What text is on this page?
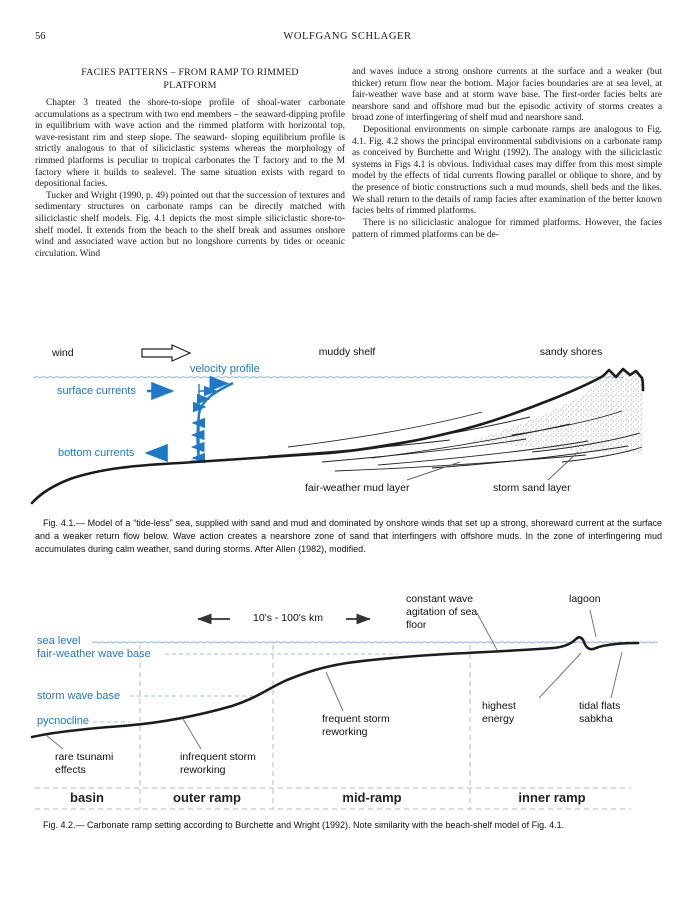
56	WOLFGANG SCHLAGER
FACIES PATTERNS – FROM RAMP TO RIMMED
PLATFORM

Chapter 3 treated the shore-to-slope profile of shoal-water carbonate accumulations as a spectrum with two end members – the seaward-dipping profile in equilibrium with wave action and the rimmed platform with horizontal top, wave-resistant rim and steep slope. The seaward- sloping equilibrium profile is strictly analogous to that of siliciclastic systems whereas the morphology of rimmed platforms is peculiar to tropical carbonates the T factory and to the M factory where it builds to sealevel. The same situation exists with regard to depositional facies.

Tucker and Wright (1990, p. 49) pointed out that the succession of textures and sedimentary structures on carbonate ramps can be directly matched with siliciclastic shelf models. Fig. 4.1 depicts the most simple siliciclastic shore-to-shelf model. It extends from the beach to the shelf break and assumes onshore wind and associated wave action but no longshore currents by tides or oceanic circulation. Wind

and waves induce a strong onshore currents at the surface and a weaker (but thicker) return flow near the bottom. Major facies boundaries are at sea level, at fair-weather wave base and at storm wave base. The first-order facies belts are nearshore sand and offshore mud but the episodic activity of storms creates a broad zone of interfingering of shelf mud and nearshore sand.

Depositional environments on simple carbonate ramps are analogous to Fig. 4.1. Fig. 4.2 shows the principal environmental subdivisions on a carbonate ramp as conceived by Burchette and Wright (1992). The analogy with the siliciclastic systems in Figs 4.1 is obvious. Individual cases may differ from this most simple model by the effects of tidal currents flowing parallel or oblique to shore, and by the presence of biotic constructions such a mud mounds, shell beds and the likes. We shall return to the details of ramp facies after examination of the better known facies belts of rimmed platforms.

There is no siliciclastic analogue for rimmed platforms. However, the facies pattern of rimmed platforms can be de-

wind	muddy shelf	sandy shores
velocity profile
surface currents
bottom currents
fair-weather mud layer	storm sand layer
Fig. 4.1.— Model of a “tide-less” sea, supplied with sand and mud and dominated by onshore winds that set up a strong, shoreward current at the surface and a weaker return flow below. Wave action creates a nearshore zone of sand that interfingers with offshore muds. In the zone of interfingering mud accumulates during calm weather, sand during storms. After Allen (1982), modified.
10's - 100's km
sea level
fair-weather wave base
storm wave base
pycnocline
constant wave agitation of sea floor
lagoon
highest energy
tidal flats sabkha
rare tsunami effects
infrequent storm reworking
frequent storm reworking
basin	outer ramp	mid-ramp	inner ramp
Fig. 4.2.— Carbonate ramp setting according to Burchette and Wright (1992). Note similarity with the beach-shelf model of Fig. 4.1.
